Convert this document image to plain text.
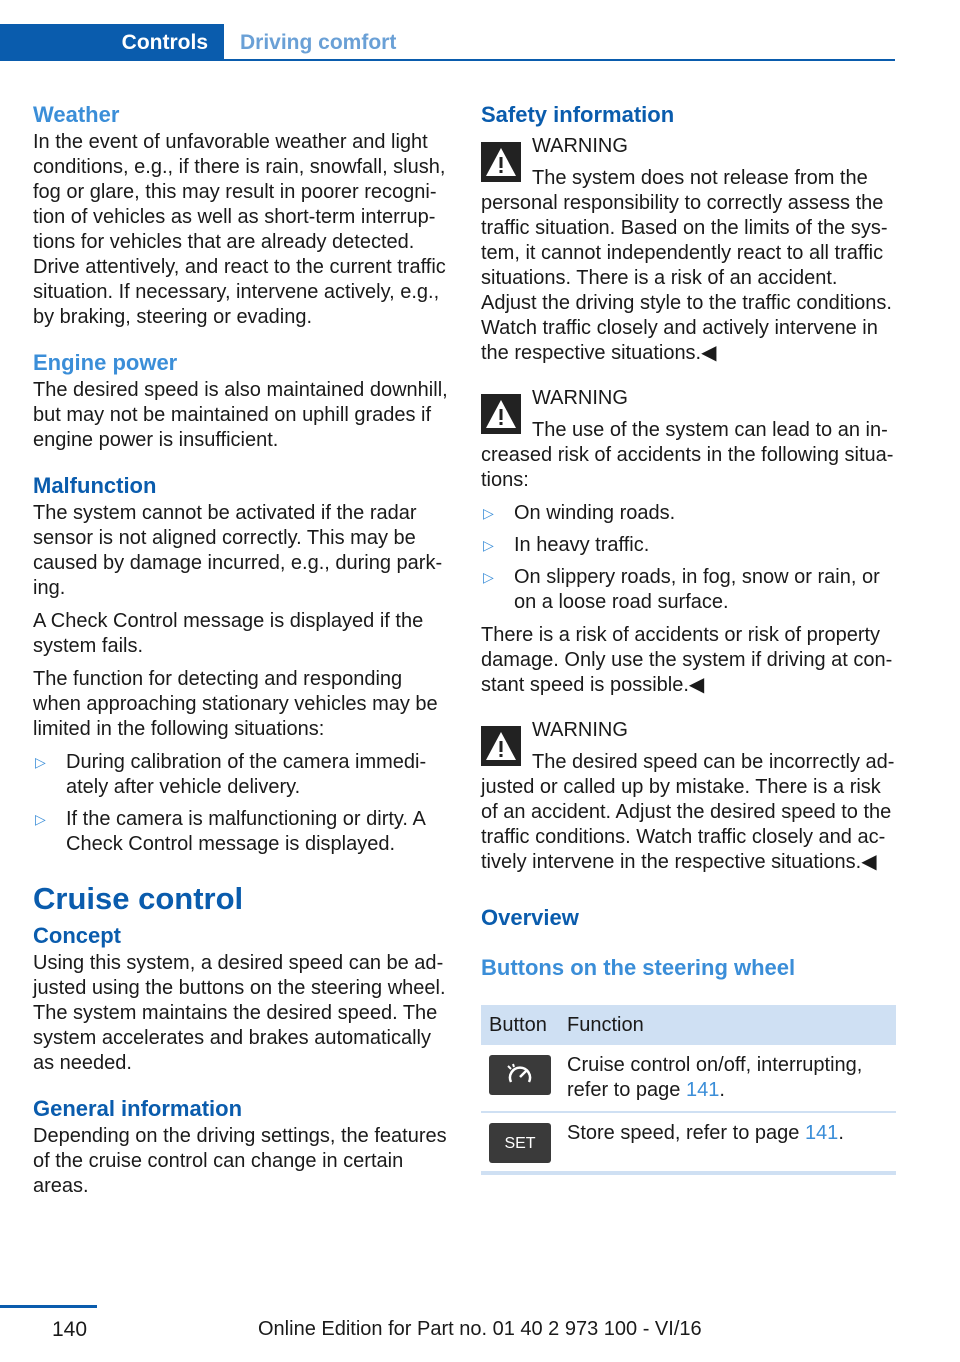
Controls Driving comfort
Weather

In the event of unfavorable weather and light conditions, e.g., if there is rain, snowfall, slush, fog or glare, this may result in poorer recognition of vehicles as well as short-term interruptions for vehicles that are already detected. Drive attentively, and react to the current traffic situation. If necessary, intervene actively, e.g., by braking, steering or evading.

Engine power

The desired speed is also maintained downhill, but may not be maintained on uphill grades if engine power is insufficient.

Malfunction

The system cannot be activated if the radar sensor is not aligned correctly. This may be caused by damage incurred, e.g., during parking.

A Check Control message is displayed if the system fails.

The function for detecting and responding when approaching stationary vehicles may be limited in the following situations:

▷ During calibration of the camera immediately after vehicle delivery.
▷ If the camera is malfunctioning or dirty. A Check Control message is displayed.
Cruise control
Concept

Using this system, a desired speed can be adjusted using the buttons on the steering wheel. The system maintains the desired speed. The system accelerates and brakes automatically as needed.

General information

Depending on the driving settings, the features of the cruise control can change in certain areas.

Safety information
WARNING
The system does not release from the personal responsibility to correctly assess the traffic situation. Based on the limits of the system, it cannot independently react to all traffic situations. There is a risk of an accident. Adjust the driving style to the traffic conditions. Watch traffic closely and actively intervene in the respective situations.◀
WARNING

The use of the system can lead to an increased risk of accidents in the following situations:

▷ On winding roads.
▷ In heavy traffic.
▷ On slippery roads, in fog, snow or rain, or on a loose road surface.

There is a risk of accidents or risk of property damage. Only use the system if driving at constant speed is possible.◀

WARNING
The desired speed can be incorrectly adjusted or called up by mistake. There is a risk of an accident. Adjust the desired speed to the traffic conditions. Watch traffic closely and actively intervene in the respective situations.◀
Overview
Buttons on the steering wheel
Button	Function

	Cruise control on/off, interrupting, refer to page 141.

SET	Store speed, refer to page 141.
140	Online Edition for Part no. 01 40 2 973 100 - VI/16
